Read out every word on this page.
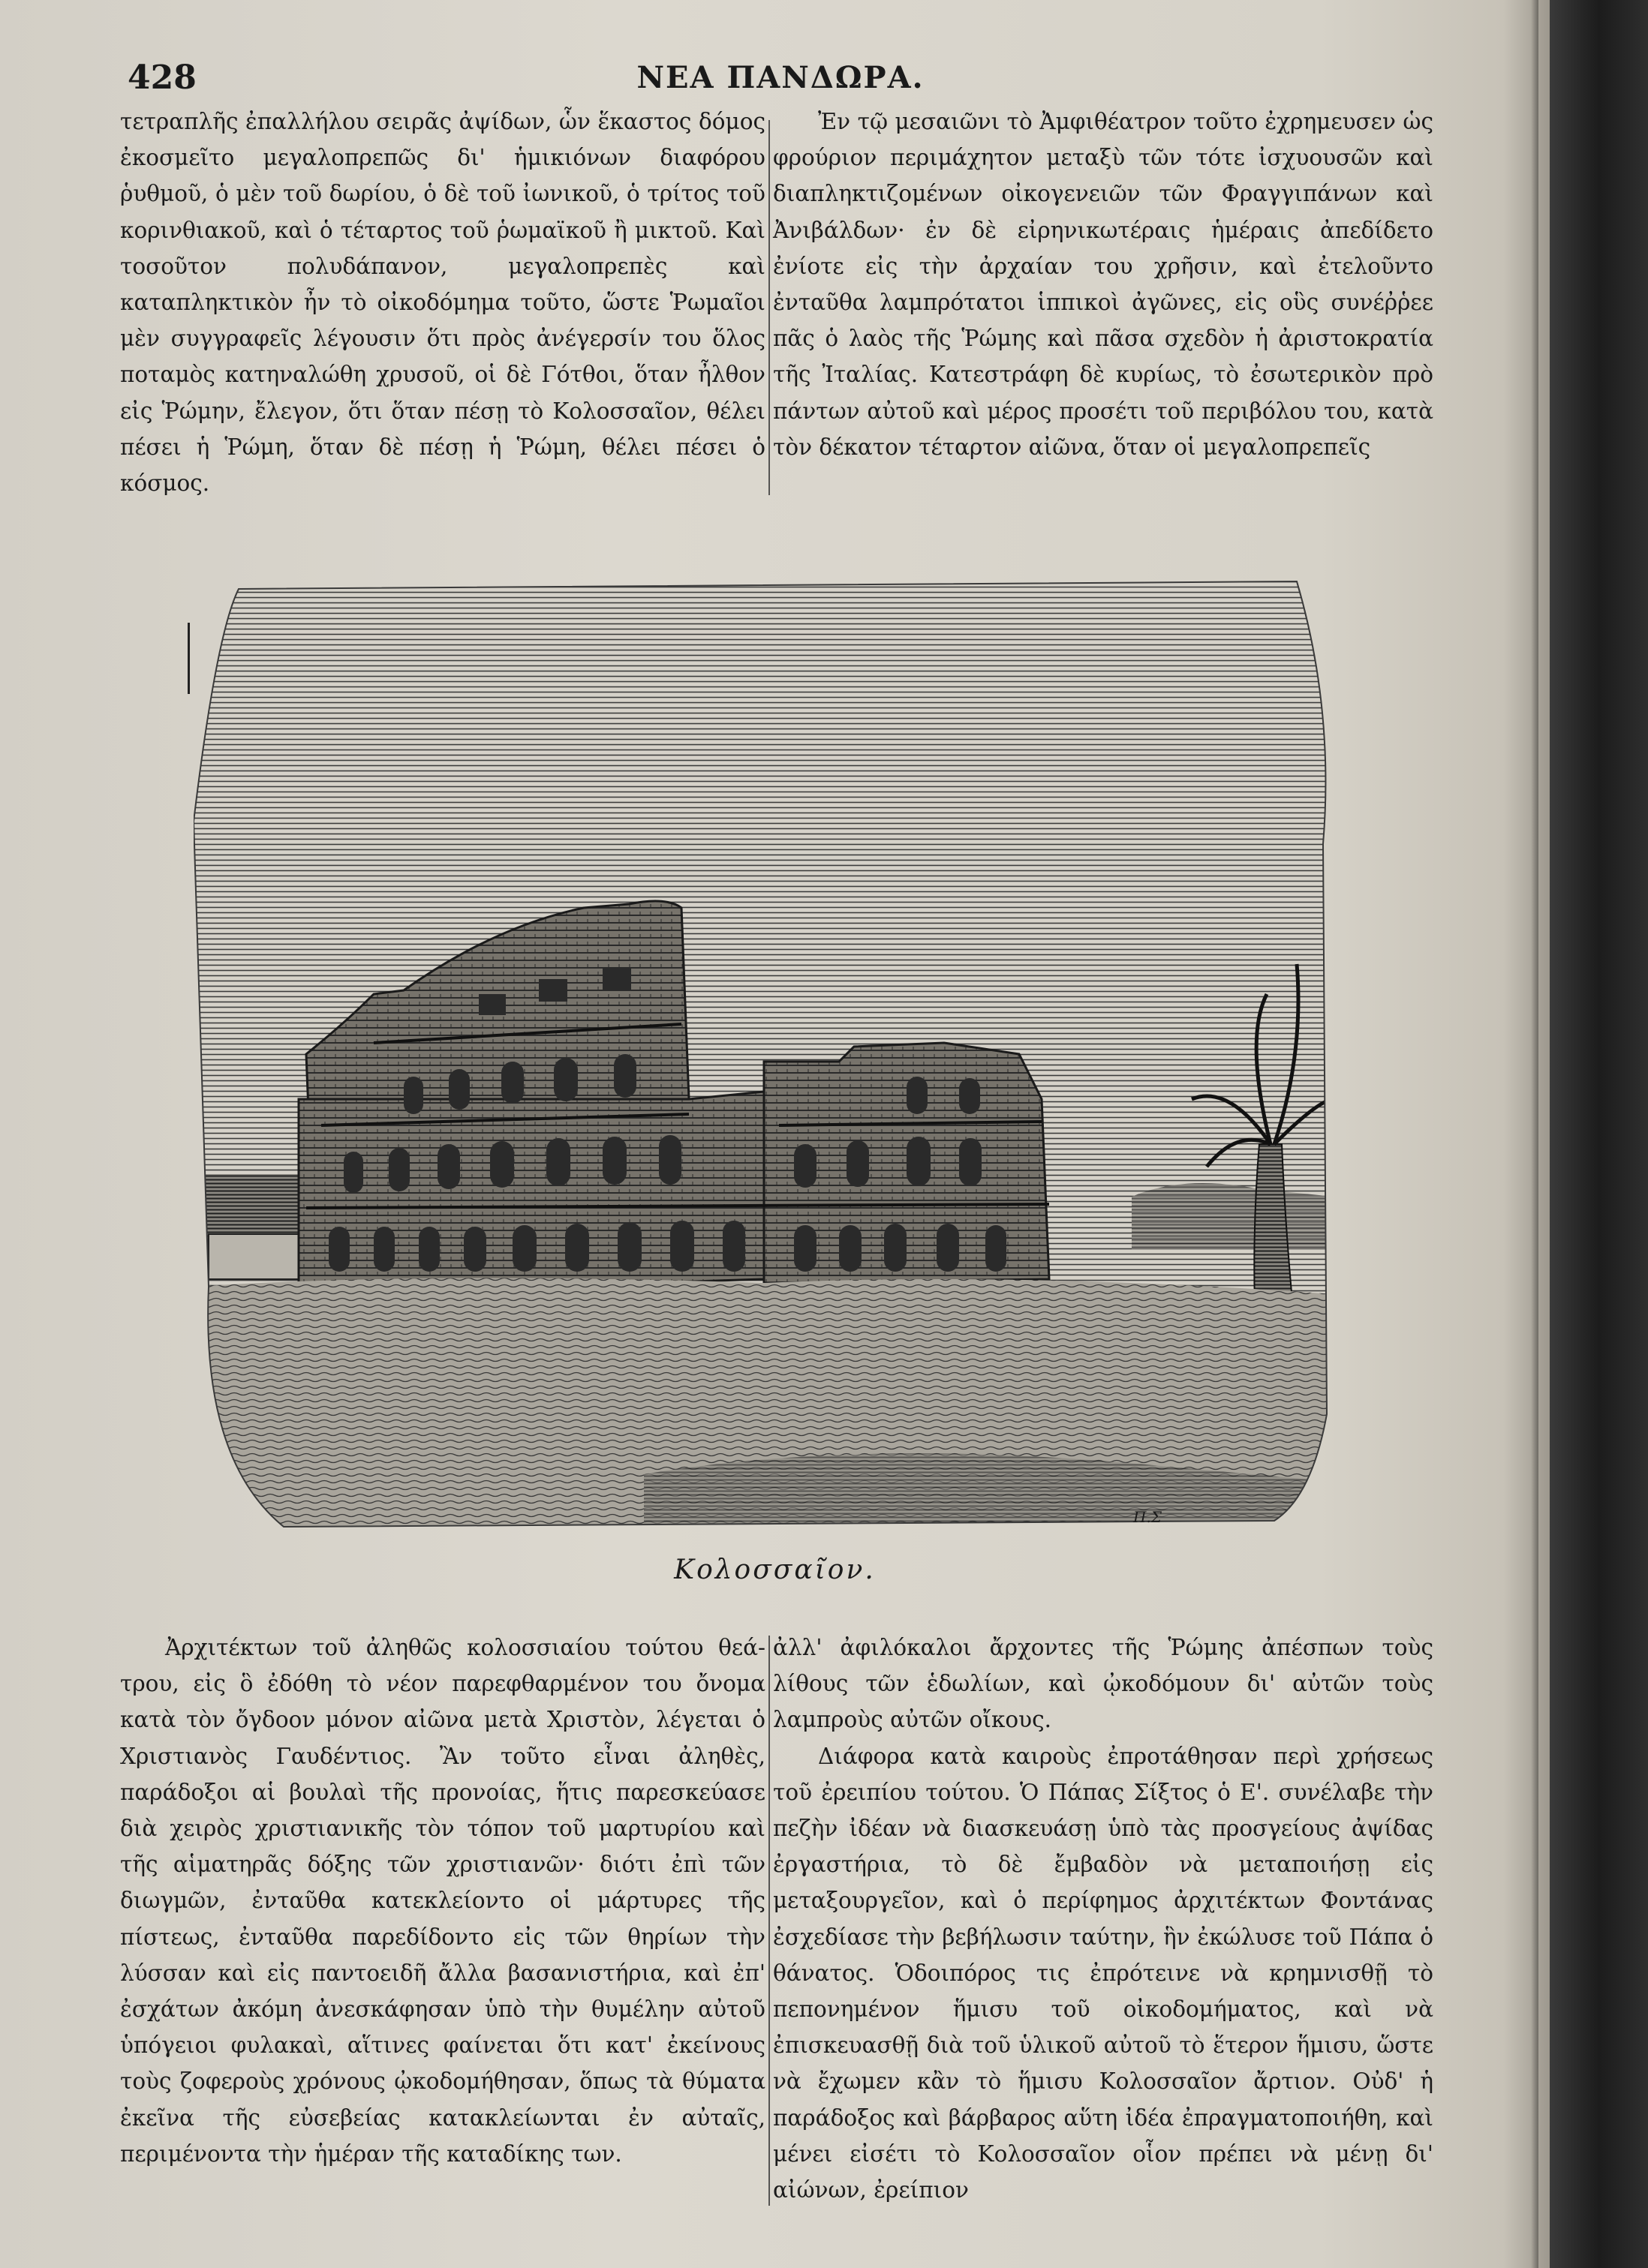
428	ΝΕΑ ΠΑΝΔΩΡΑ.

τετραπλῆς ἐπαλλήλου σειρᾶς ἀψίδων, ὧν ἕκαστος δόμος ἐκοσμεῖτο μεγαλοπρεπῶς δι' ἡμικιόνων διαφόρου ῥυθμοῦ, ὁ μὲν τοῦ δωρίου, ὁ δὲ τοῦ ἰωνικοῦ, ὁ τρίτος τοῦ κορινθιακοῦ, καὶ ὁ τέταρτος τοῦ ῥωμαϊκοῦ ἢ μικτοῦ. Καὶ τοσοῦτον πολυδάπανον, μεγαλοπρεπὲς καὶ καταπληκτικὸν ἦν τὸ οἰκοδόμημα τοῦτο, ὥστε Ῥωμαῖοι μὲν συγγραφεῖς λέγουσιν ὅτι πρὸς ἀνέγερσίν του ὅλος ποταμὸς κατηναλώθη χρυσοῦ, οἱ δὲ Γότθοι, ὅταν ἦλθον εἰς Ῥώμην, ἔλεγον, ὅτι ὅταν πέσῃ τὸ Κολοσσαῖον, θέλει πέσει ἡ Ῥώμη, ὅταν δὲ πέσῃ ἡ Ῥώμη, θέλει πέσει ὁ κόσμος.

Ἐν τῷ μεσαιῶνι τὸ Ἀμφιθέατρον τοῦτο ἐχρημευσεν ὡς φρούριον περιμάχητον μεταξὺ τῶν τότε ἰσχυουσῶν καὶ διαπληκτιζομένων οἰκογενειῶν τῶν Φραγγιπάνων καὶ Ἀνιβάλδων· ἐν δὲ εἰρηνικωτέραις ἡμέραις ἀπεδίδετο ἐνίοτε εἰς τὴν ἀρχαίαν του χρῆσιν, καὶ ἐτελοῦντο ἐνταῦθα λαμπρότατοι ἱππικοὶ ἀγῶνες, εἰς οὓς συνέῤῥεε πᾶς ὁ λαὸς τῆς Ῥώμης καὶ πᾶσα σχεδὸν ἡ ἀριστοκρατία τῆς Ἰταλίας. Κατεστράφη δὲ κυρίως, τὸ ἐσωτερικὸν πρὸ πάντων αὐτοῦ καὶ μέρος προσέτι τοῦ περιβόλου του, κατὰ τὸν δέκατον τέταρτον αἰῶνα, ὅταν οἱ μεγαλοπρεπεῖς

Π.Σ
Κολοσσαῖον.

Ἀρχιτέκτων τοῦ ἀληθῶς κολοσσιαίου τούτου θεάτρου, εἰς ὃ ἐδόθη τὸ νέον παρεφθαρμένον του ὄνομα κατὰ τὸν ὄγδοον μόνον αἰῶνα μετὰ Χριστὸν, λέγεται ὁ Χριστιανὸς Γαυδέντιος. Ἂν τοῦτο εἶναι ἀληθὲς, παράδοξοι αἱ βουλαὶ τῆς προνοίας, ἥτις παρεσκεύασε διὰ χειρὸς χριστιανικῆς τὸν τόπον τοῦ μαρτυρίου καὶ τῆς αἱματηρᾶς δόξης τῶν χριστιανῶν· διότι ἐπὶ τῶν διωγμῶν, ἐνταῦθα κατεκλείοντο οἱ μάρτυρες τῆς πίστεως, ἐνταῦθα παρεδίδοντο εἰς τῶν θηρίων τὴν λύσσαν καὶ εἰς παντοειδῆ ἄλλα βασανιστήρια, καὶ ἐπ' ἐσχάτων ἀκόμη ἀνεσκάφησαν ὑπὸ τὴν θυμέλην αὐτοῦ ὑπόγειοι φυλακαὶ, αἵτινες φαίνεται ὅτι κατ' ἐκείνους τοὺς ζοφεροὺς χρόνους ᾠκοδομήθησαν, ὅπως τὰ θύματα ἐκεῖνα τῆς εὐσεβείας κατακλείωνται ἐν αὐταῖς, περιμένοντα τὴν ἡμέραν τῆς καταδίκης των.

ἀλλ' ἀφιλόκαλοι ἄρχοντες τῆς Ῥώμης ἀπέσπων τοὺς λίθους τῶν ἑδωλίων, καὶ ᾠκοδόμουν δι' αὐτῶν τοὺς λαμπροὺς αὐτῶν οἴκους.

Διάφορα κατὰ καιροὺς ἐπροτάθησαν περὶ χρήσεως τοῦ ἐρειπίου τούτου. Ὁ Πάπας Σίξτος ὁ Ε'. συνέλαβε τὴν πεζὴν ἰδέαν νὰ διασκευάσῃ ὑπὸ τὰς προσγείους ἀψίδας ἐργαστήρια, τὸ δὲ ἔμβαδὸν νὰ μεταποιήσῃ εἰς μεταξουργεῖον, καὶ ὁ περίφημος ἀρχιτέκτων Φοντάνας ἐσχεδίασε τὴν βεβήλωσιν ταύτην, ἣν ἐκώλυσε τοῦ Πάπα ὁ θάνατος. Ὁδοιπόρος τις ἐπρότεινε νὰ κρημνισθῇ τὸ πεπονημένον ἥμισυ τοῦ οἰκοδομήματος, καὶ νὰ ἐπισκευασθῇ διὰ τοῦ ὑλικοῦ αὐτοῦ τὸ ἕτερον ἥμισυ, ὥστε νὰ ἔχωμεν κἂν τὸ ἥμισυ Κολοσσαῖον ἄρτιον. Οὐδ' ἡ παράδοξος καὶ βάρβαρος αὕτη ἰδέα ἐπραγματοποιήθη, καὶ μένει εἰσέτι τὸ Κολοσσαῖον οἷον πρέπει νὰ μένῃ δι' αἰώνων, ἐρείπιον
